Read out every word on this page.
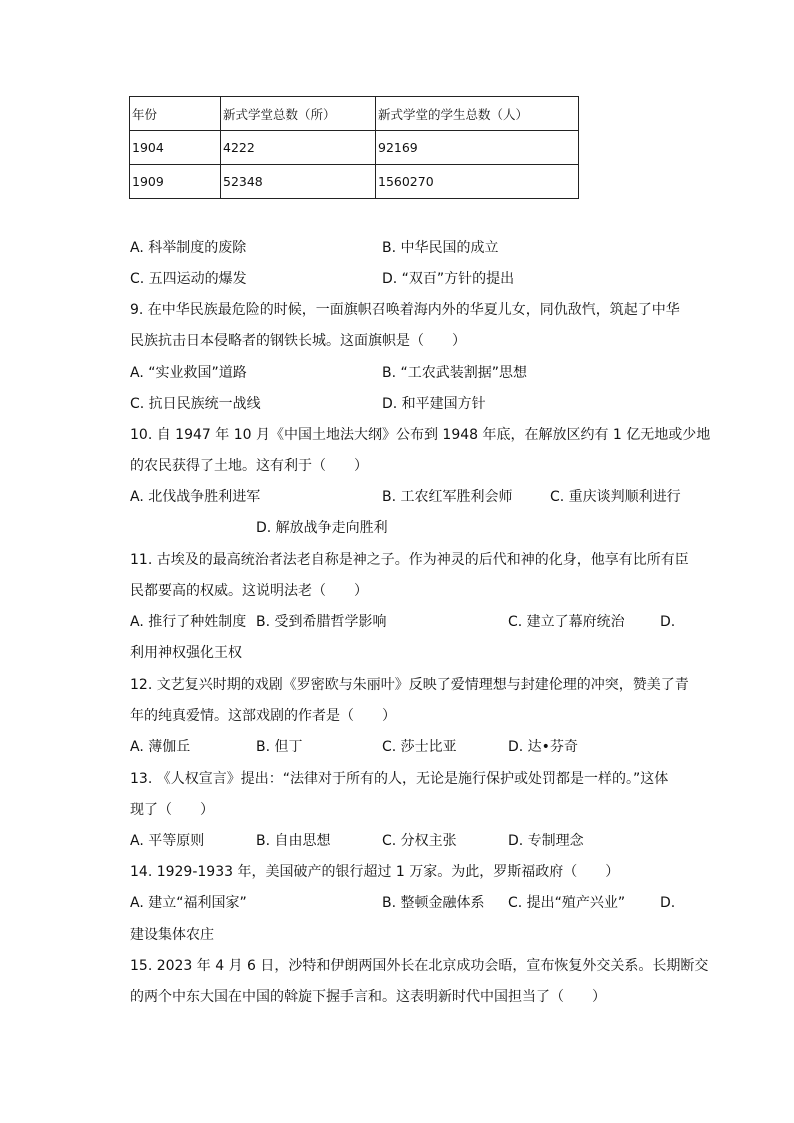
年份	新式学堂总数（所）	新式学堂的学生总数（人）
1904	4222	92169
1909	52348	1560270
A. 科举制度的废除	B. 中华民国的成立
C. 五四运动的爆发	D. “双百”方针的提出
9. 在中华民族最危险的时候，一面旗帜召唤着海内外的华夏儿女，同仇敌忾，筑起了中华
民族抗击日本侵略者的钢铁长城。这面旗帜是（　　）
A. “实业救国”道路	B. “工农武装割据”思想
C. 抗日民族统一战线	D. 和平建国方针
10. 自 1947 年 10 月《中国土地法大纲》公布到 1948 年底，在解放区约有 1 亿无地或少地
的农民获得了土地。这有利于（　　）
A. 北伐战争胜利进军	B. 工农红军胜利会师	C. 重庆谈判顺利进行
D. 解放战争走向胜利
11. 古埃及的最高统治者法老自称是神之子。作为神灵的后代和神的化身，他享有比所有臣
民都要高的权威。这说明法老（　　）
A. 推行了种姓制度 B. 受到希腊哲学影响	C. 建立了幕府统治	D.
利用神权强化王权
12. 文艺复兴时期的戏剧《罗密欧与朱丽叶》反映了爱情理想与封建伦理的冲突，赞美了青
年的纯真爱情。这部戏剧的作者是（　　）
A. 薄伽丘	B. 但丁	C. 莎士比亚	D. 达•芬奇
13. 《人权宣言》提出：“法律对于所有的人，无论是施行保护或处罚都是一样的。”这体
现了（　　）
A. 平等原则	B. 自由思想	C. 分权主张	D. 专制理念
14. 1929-1933 年，美国破产的银行超过 1 万家。为此，罗斯福政府（　　）
A. 建立“福利国家”	B. 整顿金融体系 C. 提出“殖产兴业” D.
建设集体农庄
15. 2023 年 4 月 6 日，沙特和伊朗两国外长在北京成功会晤，宣布恢复外交关系。长期断交
的两个中东大国在中国的斡旋下握手言和。这表明新时代中国担当了（　　）
